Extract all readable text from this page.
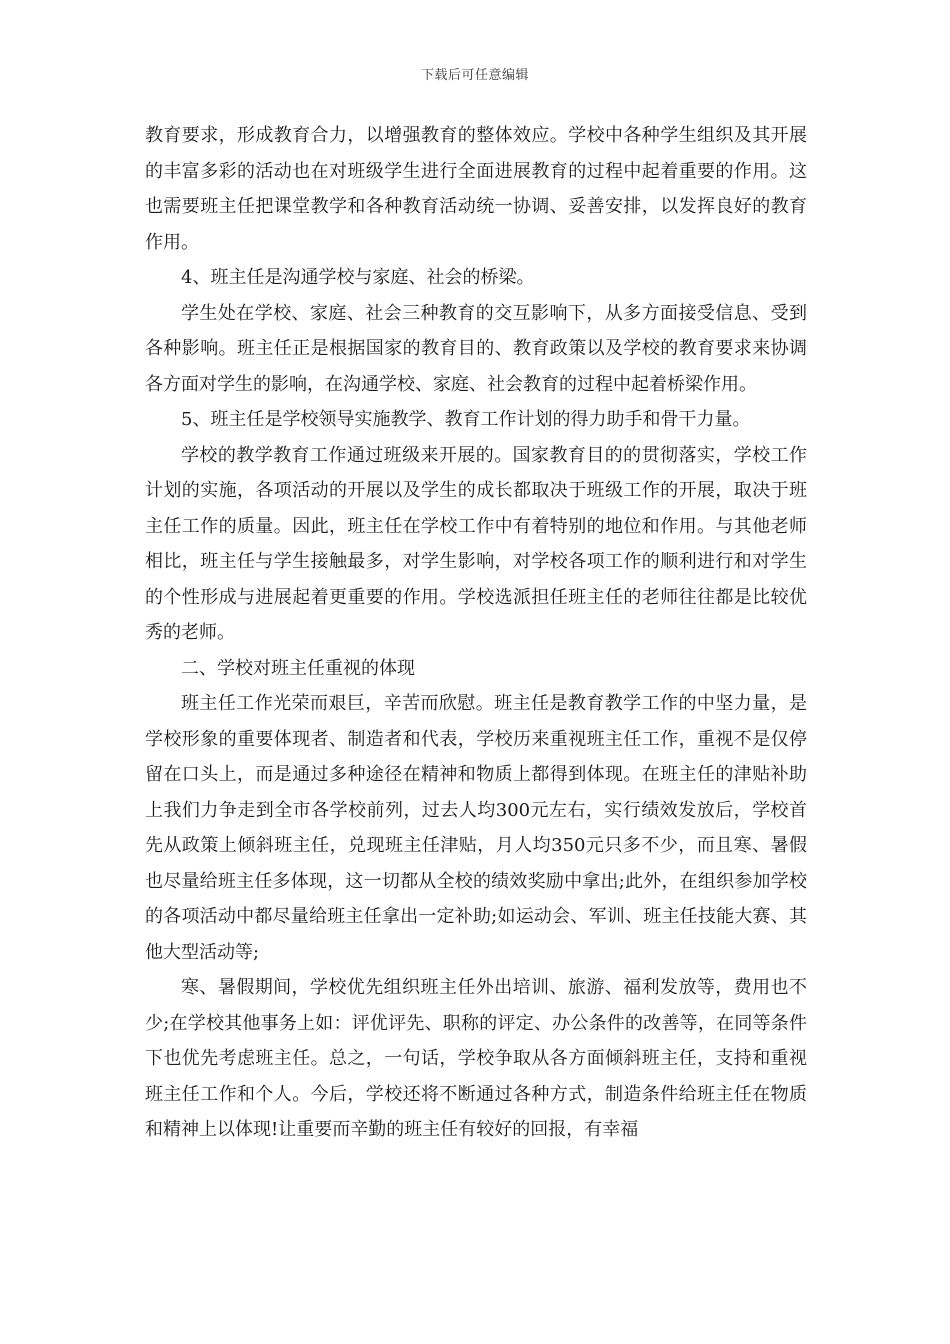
下载后可任意编辑

教育要求，形成教育合力，以增强教育的整体效应。学校中各种学生组织及其开展的丰富多彩的活动也在对班级学生进行全面进展教育的过程中起着重要的作用。这也需要班主任把课堂教学和各种教育活动统一协调、妥善安排，以发挥良好的教育作用。

4、班主任是沟通学校与家庭、社会的桥梁。

学生处在学校、家庭、社会三种教育的交互影响下，从多方面接受信息、受到各种影响。班主任正是根据国家的教育目的、教育政策以及学校的教育要求来协调各方面对学生的影响，在沟通学校、家庭、社会教育的过程中起着桥梁作用。

5、班主任是学校领导实施教学、教育工作计划的得力助手和骨干力量。

学校的教学教育工作通过班级来开展的。国家教育目的的贯彻落实，学校工作计划的实施，各项活动的开展以及学生的成长都取决于班级工作的开展，取决于班主任工作的质量。因此，班主任在学校工作中有着特别的地位和作用。与其他老师相比，班主任与学生接触最多，对学生影响，对学校各项工作的顺利进行和对学生的个性形成与进展起着更重要的作用。学校选派担任班主任的老师往往都是比较优秀的老师。

二、学校对班主任重视的体现

班主任工作光荣而艰巨，辛苦而欣慰。班主任是教育教学工作的中坚力量，是学校形象的重要体现者、制造者和代表，学校历来重视班主任工作，重视不是仅停留在口头上，而是通过多种途径在精神和物质上都得到体现。在班主任的津贴补助上我们力争走到全市各学校前列，过去人均300元左右，实行绩效发放后，学校首先从政策上倾斜班主任，兑现班主任津贴，月人均350元只多不少，而且寒、暑假也尽量给班主任多体现，这一切都从全校的绩效奖励中拿出;此外，在组织参加学校的各项活动中都尽量给班主任拿出一定补助;如运动会、军训、班主任技能大赛、其他大型活动等;

寒、暑假期间，学校优先组织班主任外出培训、旅游、福利发放等，费用也不少;在学校其他事务上如：评优评先、职称的评定、办公条件的改善等，在同等条件下也优先考虑班主任。总之，一句话，学校争取从各方面倾斜班主任，支持和重视班主任工作和个人。今后，学校还将不断通过各种方式，制造条件给班主任在物质和精神上以体现!让重要而辛勤的班主任有较好的回报，有幸福
